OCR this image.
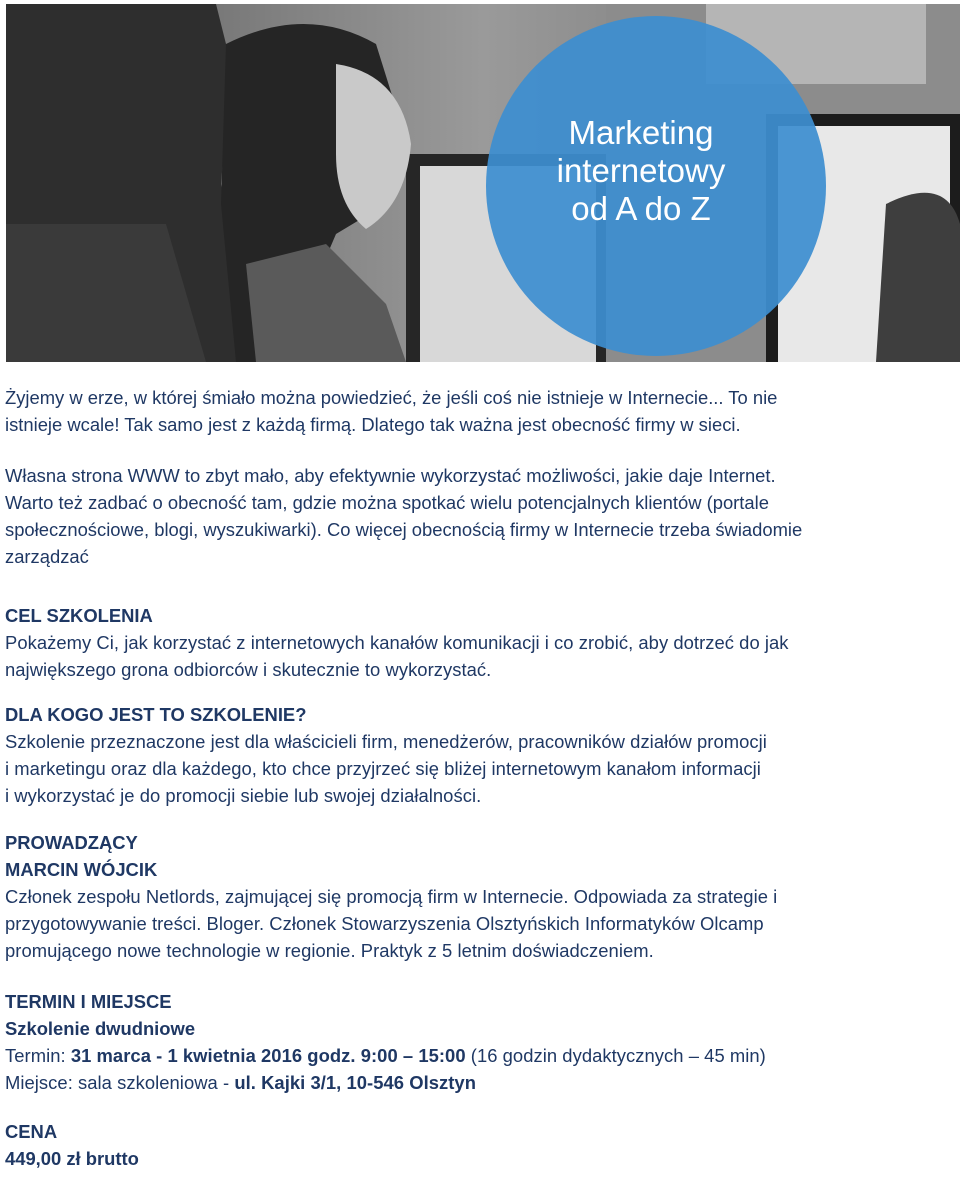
Marketing
internetowy
od A do Z
Żyjemy w erze, w której śmiało można powiedzieć, że jeśli coś nie istnieje w Internecie... To nie
istnieje wcale! Tak samo jest z każdą firmą. Dlatego tak ważna jest obecność firmy w sieci.
Własna strona WWW to zbyt mało, aby efektywnie wykorzystać możliwości, jakie daje Internet.
Warto też zadbać o obecność tam, gdzie można spotkać wielu potencjalnych klientów (portale
społecznościowe, blogi, wyszukiwarki). Co więcej obecnością firmy w Internecie trzeba świadomie
zarządzać
CEL SZKOLENIA
Pokażemy Ci, jak korzystać z internetowych kanałów komunikacji i co zrobić, aby dotrzeć do jak
największego grona odbiorców i skutecznie to wykorzystać.
DLA KOGO JEST TO SZKOLENIE?
Szkolenie przeznaczone jest dla właścicieli firm, menedżerów, pracowników działów promocji
i marketingu oraz dla każdego, kto chce przyjrzeć się bliżej internetowym kanałom informacji
i wykorzystać je do promocji siebie lub swojej działalności.
PROWADZĄCY
MARCIN WÓJCIK
Członek zespołu Netlords, zajmującej się promocją firm w Internecie. Odpowiada za strategie i
przygotowywanie treści. Bloger. Członek Stowarzyszenia Olsztyńskich Informatyków Olcamp
promującego nowe technologie w regionie. Praktyk z 5 letnim doświadczeniem.
TERMIN I MIEJSCE
Szkolenie dwudniowe
Termin: 31 marca - 1 kwietnia 2016 godz. 9:00 – 15:00 (16 godzin dydaktycznych – 45 min)
Miejsce: sala szkoleniowa - ul. Kajki 3/1, 10-546 Olsztyn
CENA
449,00 zł brutto
